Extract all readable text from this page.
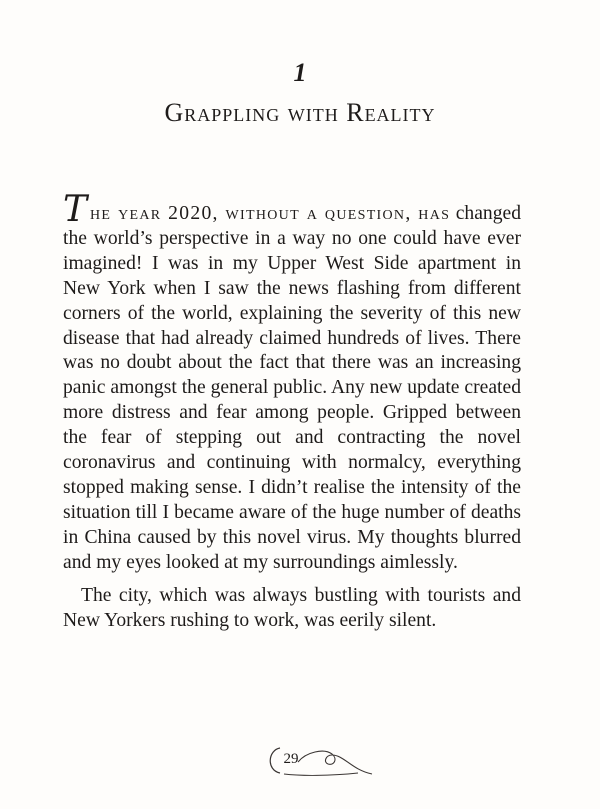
1
Grappling with Reality

The year 2020, without a question, has changed the world’s perspective in a way no one could have ever imagined! I was in my Upper West Side apartment in New York when I saw the news flashing from different corners of the world, explaining the severity of this new disease that had already claimed hundreds of lives. There was no doubt about the fact that there was an increasing panic amongst the general public. Any new update created more distress and fear among people. Gripped between the fear of stepping out and contracting the novel coronavirus and continuing with normalcy, everything stopped making sense. I didn’t realise the intensity of the situation till I became aware of the huge number of deaths in China caused by this novel virus. My thoughts blurred and my eyes looked at my surroundings aimlessly.

The city, which was always bustling with tourists and New Yorkers rushing to work, was eerily silent.

29
